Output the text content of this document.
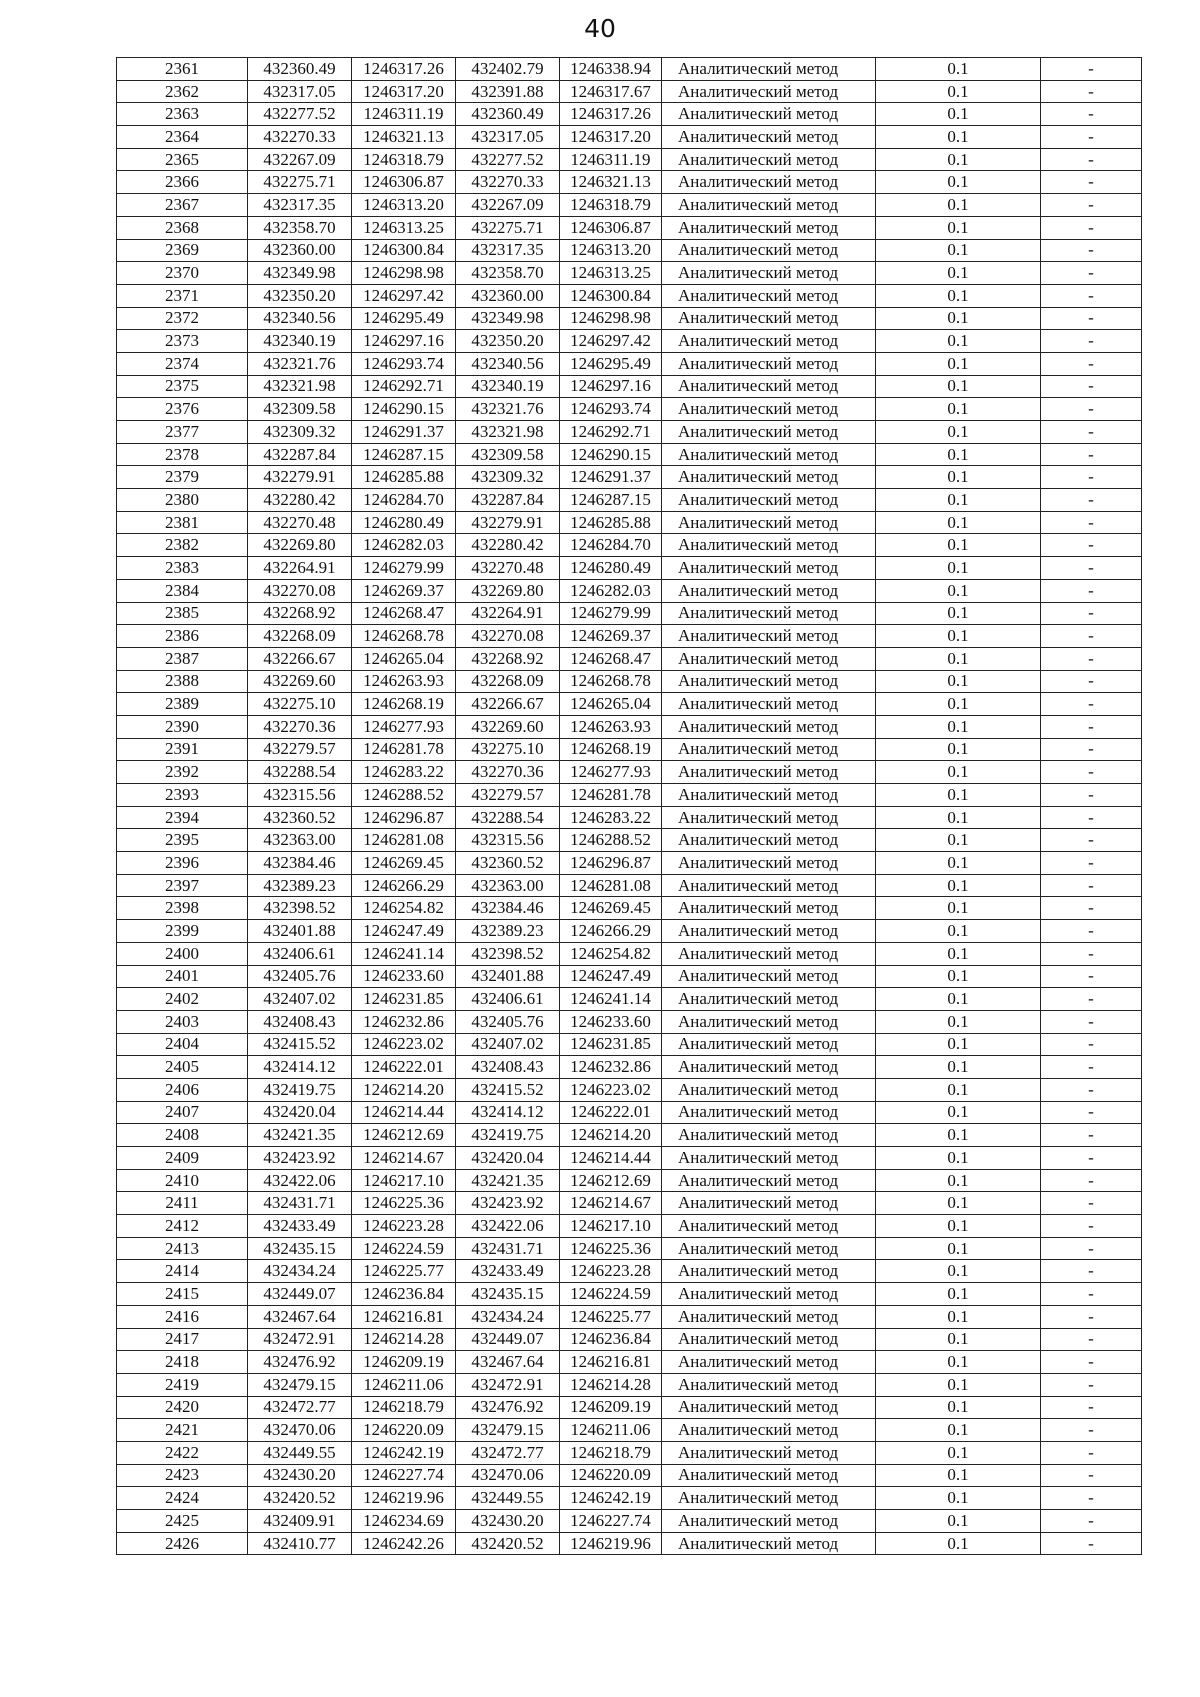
40
2361	432360.49	1246317.26	432402.79	1246338.94	Аналитический метод	0.1	-
2362	432317.05	1246317.20	432391.88	1246317.67	Аналитический метод	0.1	-
2363	432277.52	1246311.19	432360.49	1246317.26	Аналитический метод	0.1	-
2364	432270.33	1246321.13	432317.05	1246317.20	Аналитический метод	0.1	-
2365	432267.09	1246318.79	432277.52	1246311.19	Аналитический метод	0.1	-
2366	432275.71	1246306.87	432270.33	1246321.13	Аналитический метод	0.1	-
2367	432317.35	1246313.20	432267.09	1246318.79	Аналитический метод	0.1	-
2368	432358.70	1246313.25	432275.71	1246306.87	Аналитический метод	0.1	-
2369	432360.00	1246300.84	432317.35	1246313.20	Аналитический метод	0.1	-
2370	432349.98	1246298.98	432358.70	1246313.25	Аналитический метод	0.1	-
2371	432350.20	1246297.42	432360.00	1246300.84	Аналитический метод	0.1	-
2372	432340.56	1246295.49	432349.98	1246298.98	Аналитический метод	0.1	-
2373	432340.19	1246297.16	432350.20	1246297.42	Аналитический метод	0.1	-
2374	432321.76	1246293.74	432340.56	1246295.49	Аналитический метод	0.1	-
2375	432321.98	1246292.71	432340.19	1246297.16	Аналитический метод	0.1	-
2376	432309.58	1246290.15	432321.76	1246293.74	Аналитический метод	0.1	-
2377	432309.32	1246291.37	432321.98	1246292.71	Аналитический метод	0.1	-
2378	432287.84	1246287.15	432309.58	1246290.15	Аналитический метод	0.1	-
2379	432279.91	1246285.88	432309.32	1246291.37	Аналитический метод	0.1	-
2380	432280.42	1246284.70	432287.84	1246287.15	Аналитический метод	0.1	-
2381	432270.48	1246280.49	432279.91	1246285.88	Аналитический метод	0.1	-
2382	432269.80	1246282.03	432280.42	1246284.70	Аналитический метод	0.1	-
2383	432264.91	1246279.99	432270.48	1246280.49	Аналитический метод	0.1	-
2384	432270.08	1246269.37	432269.80	1246282.03	Аналитический метод	0.1	-
2385	432268.92	1246268.47	432264.91	1246279.99	Аналитический метод	0.1	-
2386	432268.09	1246268.78	432270.08	1246269.37	Аналитический метод	0.1	-
2387	432266.67	1246265.04	432268.92	1246268.47	Аналитический метод	0.1	-
2388	432269.60	1246263.93	432268.09	1246268.78	Аналитический метод	0.1	-
2389	432275.10	1246268.19	432266.67	1246265.04	Аналитический метод	0.1	-
2390	432270.36	1246277.93	432269.60	1246263.93	Аналитический метод	0.1	-
2391	432279.57	1246281.78	432275.10	1246268.19	Аналитический метод	0.1	-
2392	432288.54	1246283.22	432270.36	1246277.93	Аналитический метод	0.1	-
2393	432315.56	1246288.52	432279.57	1246281.78	Аналитический метод	0.1	-
2394	432360.52	1246296.87	432288.54	1246283.22	Аналитический метод	0.1	-
2395	432363.00	1246281.08	432315.56	1246288.52	Аналитический метод	0.1	-
2396	432384.46	1246269.45	432360.52	1246296.87	Аналитический метод	0.1	-
2397	432389.23	1246266.29	432363.00	1246281.08	Аналитический метод	0.1	-
2398	432398.52	1246254.82	432384.46	1246269.45	Аналитический метод	0.1	-
2399	432401.88	1246247.49	432389.23	1246266.29	Аналитический метод	0.1	-
2400	432406.61	1246241.14	432398.52	1246254.82	Аналитический метод	0.1	-
2401	432405.76	1246233.60	432401.88	1246247.49	Аналитический метод	0.1	-
2402	432407.02	1246231.85	432406.61	1246241.14	Аналитический метод	0.1	-
2403	432408.43	1246232.86	432405.76	1246233.60	Аналитический метод	0.1	-
2404	432415.52	1246223.02	432407.02	1246231.85	Аналитический метод	0.1	-
2405	432414.12	1246222.01	432408.43	1246232.86	Аналитический метод	0.1	-
2406	432419.75	1246214.20	432415.52	1246223.02	Аналитический метод	0.1	-
2407	432420.04	1246214.44	432414.12	1246222.01	Аналитический метод	0.1	-
2408	432421.35	1246212.69	432419.75	1246214.20	Аналитический метод	0.1	-
2409	432423.92	1246214.67	432420.04	1246214.44	Аналитический метод	0.1	-
2410	432422.06	1246217.10	432421.35	1246212.69	Аналитический метод	0.1	-
2411	432431.71	1246225.36	432423.92	1246214.67	Аналитический метод	0.1	-
2412	432433.49	1246223.28	432422.06	1246217.10	Аналитический метод	0.1	-
2413	432435.15	1246224.59	432431.71	1246225.36	Аналитический метод	0.1	-
2414	432434.24	1246225.77	432433.49	1246223.28	Аналитический метод	0.1	-
2415	432449.07	1246236.84	432435.15	1246224.59	Аналитический метод	0.1	-
2416	432467.64	1246216.81	432434.24	1246225.77	Аналитический метод	0.1	-
2417	432472.91	1246214.28	432449.07	1246236.84	Аналитический метод	0.1	-
2418	432476.92	1246209.19	432467.64	1246216.81	Аналитический метод	0.1	-
2419	432479.15	1246211.06	432472.91	1246214.28	Аналитический метод	0.1	-
2420	432472.77	1246218.79	432476.92	1246209.19	Аналитический метод	0.1	-
2421	432470.06	1246220.09	432479.15	1246211.06	Аналитический метод	0.1	-
2422	432449.55	1246242.19	432472.77	1246218.79	Аналитический метод	0.1	-
2423	432430.20	1246227.74	432470.06	1246220.09	Аналитический метод	0.1	-
2424	432420.52	1246219.96	432449.55	1246242.19	Аналитический метод	0.1	-
2425	432409.91	1246234.69	432430.20	1246227.74	Аналитический метод	0.1	-
2426	432410.77	1246242.26	432420.52	1246219.96	Аналитический метод	0.1	-
